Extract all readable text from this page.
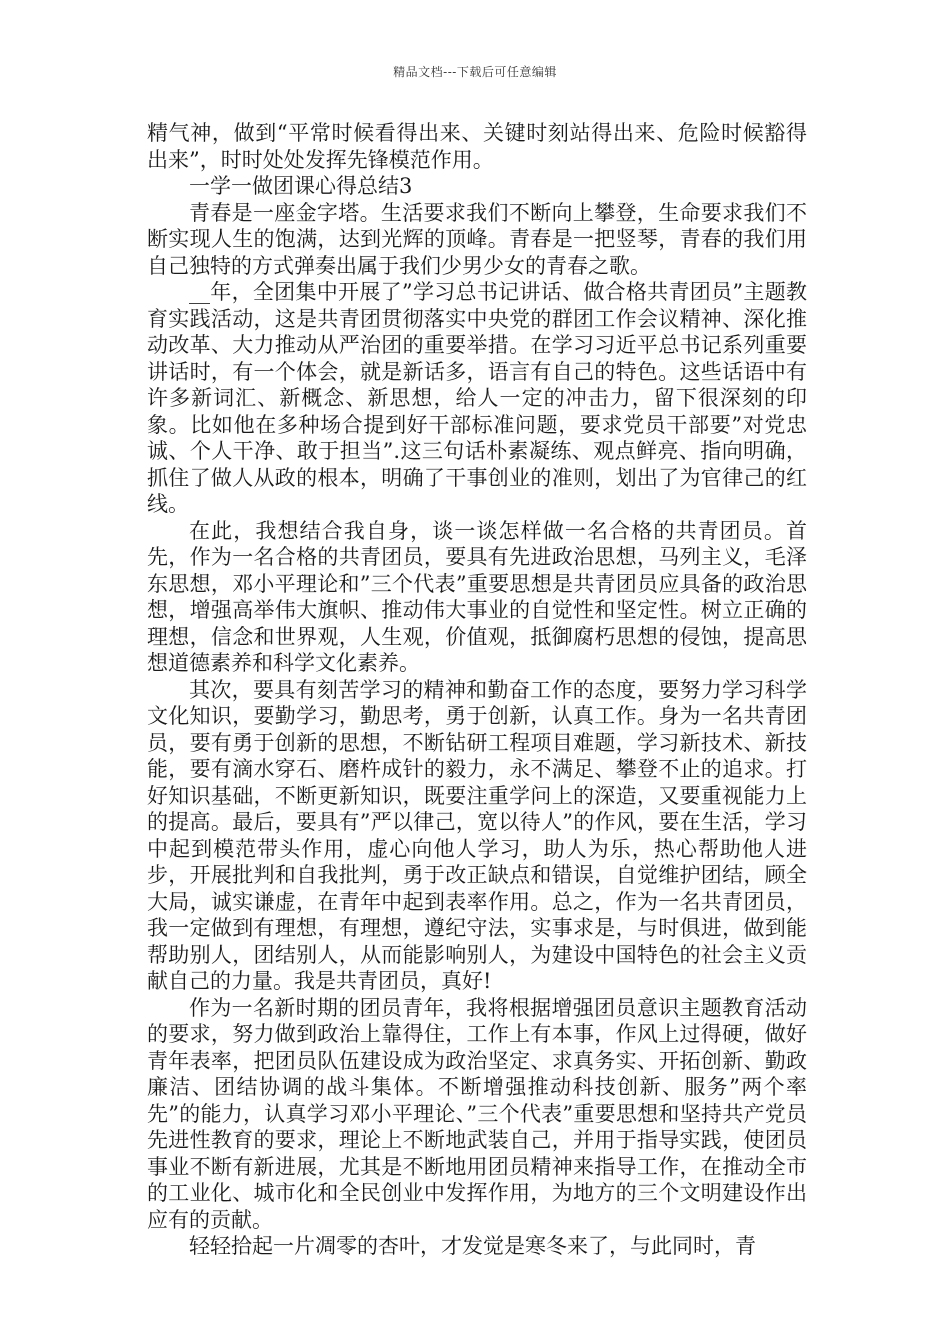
精品文档---下载后可任意编辑

精气神，做到“平常时候看得出来、关键时刻站得出来、危险时候豁得出来”，时时处处发挥先锋模范作用。

一学一做团课心得总结3

青春是一座金字塔。生活要求我们不断向上攀登，生命要求我们不断实现人生的饱满，达到光辉的顶峰。青春是一把竖琴，青春的我们用自己独特的方式弹奏出属于我们少男少女的青春之歌。

__年，全团集中开展了”学习总书记讲话、做合格共青团员”主题教育实践活动，这是共青团贯彻落实中央党的群团工作会议精神、深化推动改革、大力推动从严治团的重要举措。在学习习近平总书记系列重要讲话时，有一个体会，就是新话多，语言有自己的特色。这些话语中有许多新词汇、新概念、新思想，给人一定的冲击力，留下很深刻的印象。比如他在多种场合提到好干部标准问题，要求党员干部要”对党忠诚、个人干净、敢于担当”.这三句话朴素凝练、观点鲜亮、指向明确，抓住了做人从政的根本，明确了干事创业的准则，划出了为官律己的红线。

在此，我想结合我自身，谈一谈怎样做一名合格的共青团员。首先，作为一名合格的共青团员，要具有先进政治思想，马列主义，毛泽东思想，邓小平理论和”三个代表”重要思想是共青团员应具备的政治思想，增强高举伟大旗帜、推动伟大事业的自觉性和坚定性。树立正确的理想，信念和世界观，人生观，价值观，抵御腐朽思想的侵蚀，提高思想道德素养和科学文化素养。

其次，要具有刻苦学习的精神和勤奋工作的态度，要努力学习科学文化知识，要勤学习，勤思考，勇于创新，认真工作。身为一名共青团员，要有勇于创新的思想，不断钻研工程项目难题，学习新技术、新技能，要有滴水穿石、磨杵成针的毅力，永不满足、攀登不止的追求。打好知识基础，不断更新知识，既要注重学问上的深造，又要重视能力上的提高。最后，要具有”严以律己，宽以待人”的作风，要在生活，学习中起到模范带头作用，虚心向他人学习，助人为乐，热心帮助他人进步，开展批判和自我批判，勇于改正缺点和错误，自觉维护团结，顾全大局，诚实谦虚，在青年中起到表率作用。总之，作为一名共青团员，我一定做到有理想，有理想，遵纪守法，实事求是，与时俱进，做到能帮助别人，团结别人，从而能影响别人，为建设中国特色的社会主义贡献自己的力量。我是共青团员，真好!

作为一名新时期的团员青年，我将根据增强团员意识主题教育活动的要求，努力做到政治上靠得住，工作上有本事，作风上过得硬，做好青年表率，把团员队伍建设成为政治坚定、求真务实、开拓创新、勤政廉洁、团结协调的战斗集体。不断增强推动科技创新、服务”两个率先”的能力，认真学习邓小平理论、”三个代表”重要思想和坚持共产党员先进性教育的要求，理论上不断地武装自己，并用于指导实践，使团员事业不断有新进展，尤其是不断地用团员精神来指导工作，在推动全市的工业化、城市化和全民创业中发挥作用，为地方的三个文明建设作出应有的贡献。

轻轻拾起一片凋零的杏叶，才发觉是寒冬来了，与此同时，青
